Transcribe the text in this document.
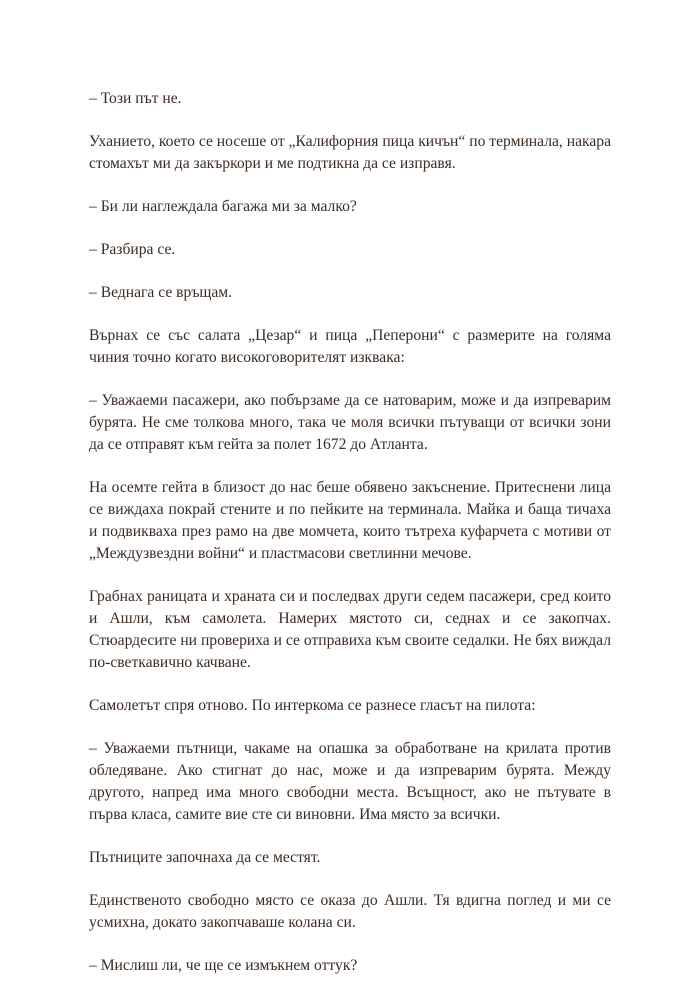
– Този път не.

Уханието, което се носеше от „Калифорния пица кичън“ по терминала, накара стомахът ми да закъркори и ме подтикна да се изправя.

– Би ли наглеждала багажа ми за малко?

– Разбира се.

– Веднага се връщам.

Върнах се със салата „Цезар“ и пица „Пеперони“ с размерите на голяма чиния точно когато високоговорителят изквака:

– Уважаеми пасажери, ако побързаме да се натоварим, може и да изпреварим бурята. Не сме толкова много, така че моля всички пътуващи от всички зони да се отправят към гейта за полет 1672 до Атланта.

На осемте гейта в близост до нас беше обявено закъснение. Притеснени лица се виждаха покрай стените и по пейките на терминала. Майка и баща тичаха и подвикваха през рамо на две момчета, които тътреха куфарчета с мотиви от „Междузвездни войни“ и пластмасови светлинни мечове.

Грабнах раницата и храната си и последвах други седем пасажери, сред които и Ашли, към самолета. Намерих мястото си, седнах и се закопчах. Стюардесите ни провериха и се отправиха към своите седалки. Не бях виждал по-светкавично качване.

Самолетът спря отново. По интеркома се разнесе гласът на пилота:

– Уважаеми пътници, чакаме на опашка за обработване на крилата против обледяване. Ако стигнат до нас, може и да изпреварим бурята. Между другото, напред има много свободни места. Всъщност, ако не пътувате в първа класа, самите вие сте си виновни. Има място за всички.

Пътниците започнаха да се местят.

Единственото свободно място се оказа до Ашли. Тя вдигна поглед и ми се усмихна, докато закопчаваше колана си.

– Мислиш ли, че ще се измъкнем оттук?
